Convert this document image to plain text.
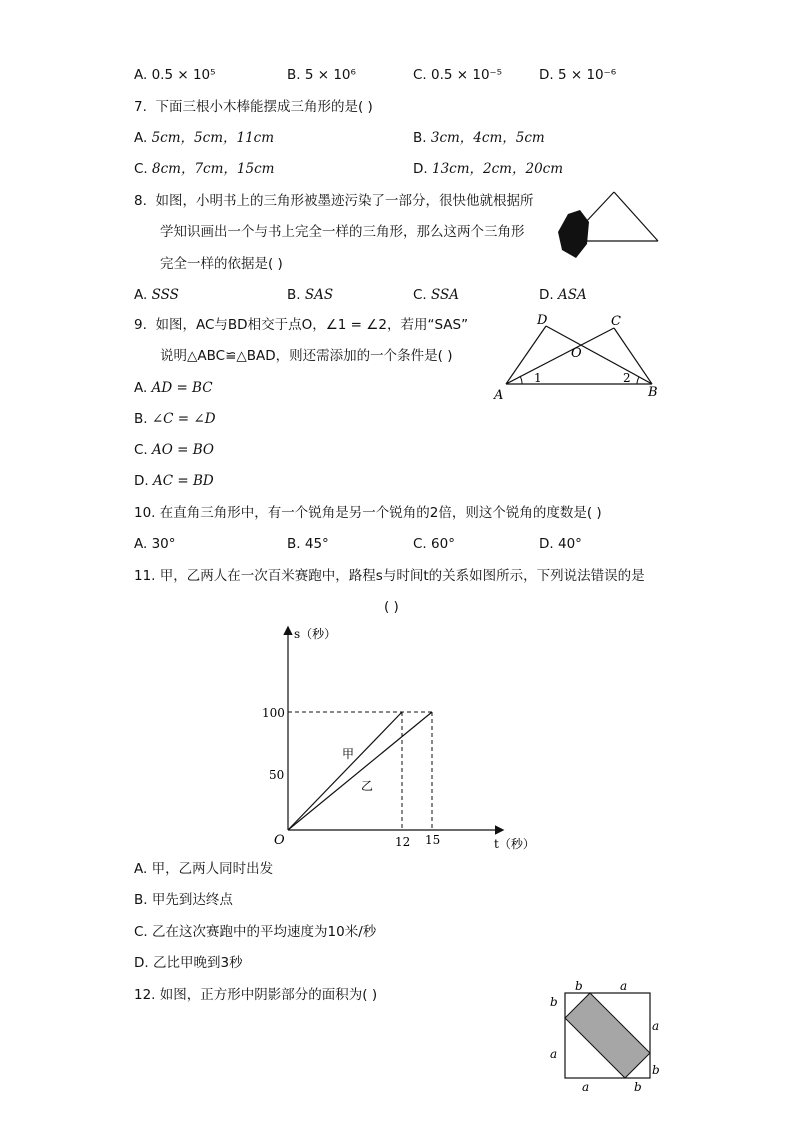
A. 0.5 × 10⁵	B. 5 × 10⁶	C. 0.5 × 10⁻⁵	D. 5 × 10⁻⁶
7. 下面三根小木棒能摆成三角形的是( )
A. 5cm，5cm，11cm	B. 3cm，4cm，5cm
C. 8cm，7cm，15cm	D. 13cm，2cm，20cm
8. 如图，小明书上的三角形被墨迹污染了一部分，很快他就根据所
学知识画出一个与书上完全一样的三角形，那么这两个三角形
完全一样的依据是( )
A. SSS	B. SAS	C. SSA	D. ASA
9. 如图，AC与BD相交于点O，∠1 = ∠2，若用“SAS”
说明△ABC≌△BAD，则还需添加的一个条件是( )
A. AD = BC
B. ∠C = ∠D
C. AO = BO
D. AC = BD
A	B
C
D
O
1	2
10. 在直角三角形中，有一个锐角是另一个锐角的2倍，则这个锐角的度数是( )
A. 30°	B. 45°	C. 60°	D. 40°
11. 甲，乙两人在一次百米赛跑中，路程s与时间t的关系如图所示，下列说法错误的是
( )
s（秒）
t（秒）
O
100
50
12 15
甲
乙
A. 甲，乙两人同时出发
B. 甲先到达终点
C. 乙在这次赛跑中的平均速度为10米/秒
D. 乙比甲晚到3秒
12. 如图，正方形中阴影部分的面积为( )
b	a
b
a
a
b
a	b
